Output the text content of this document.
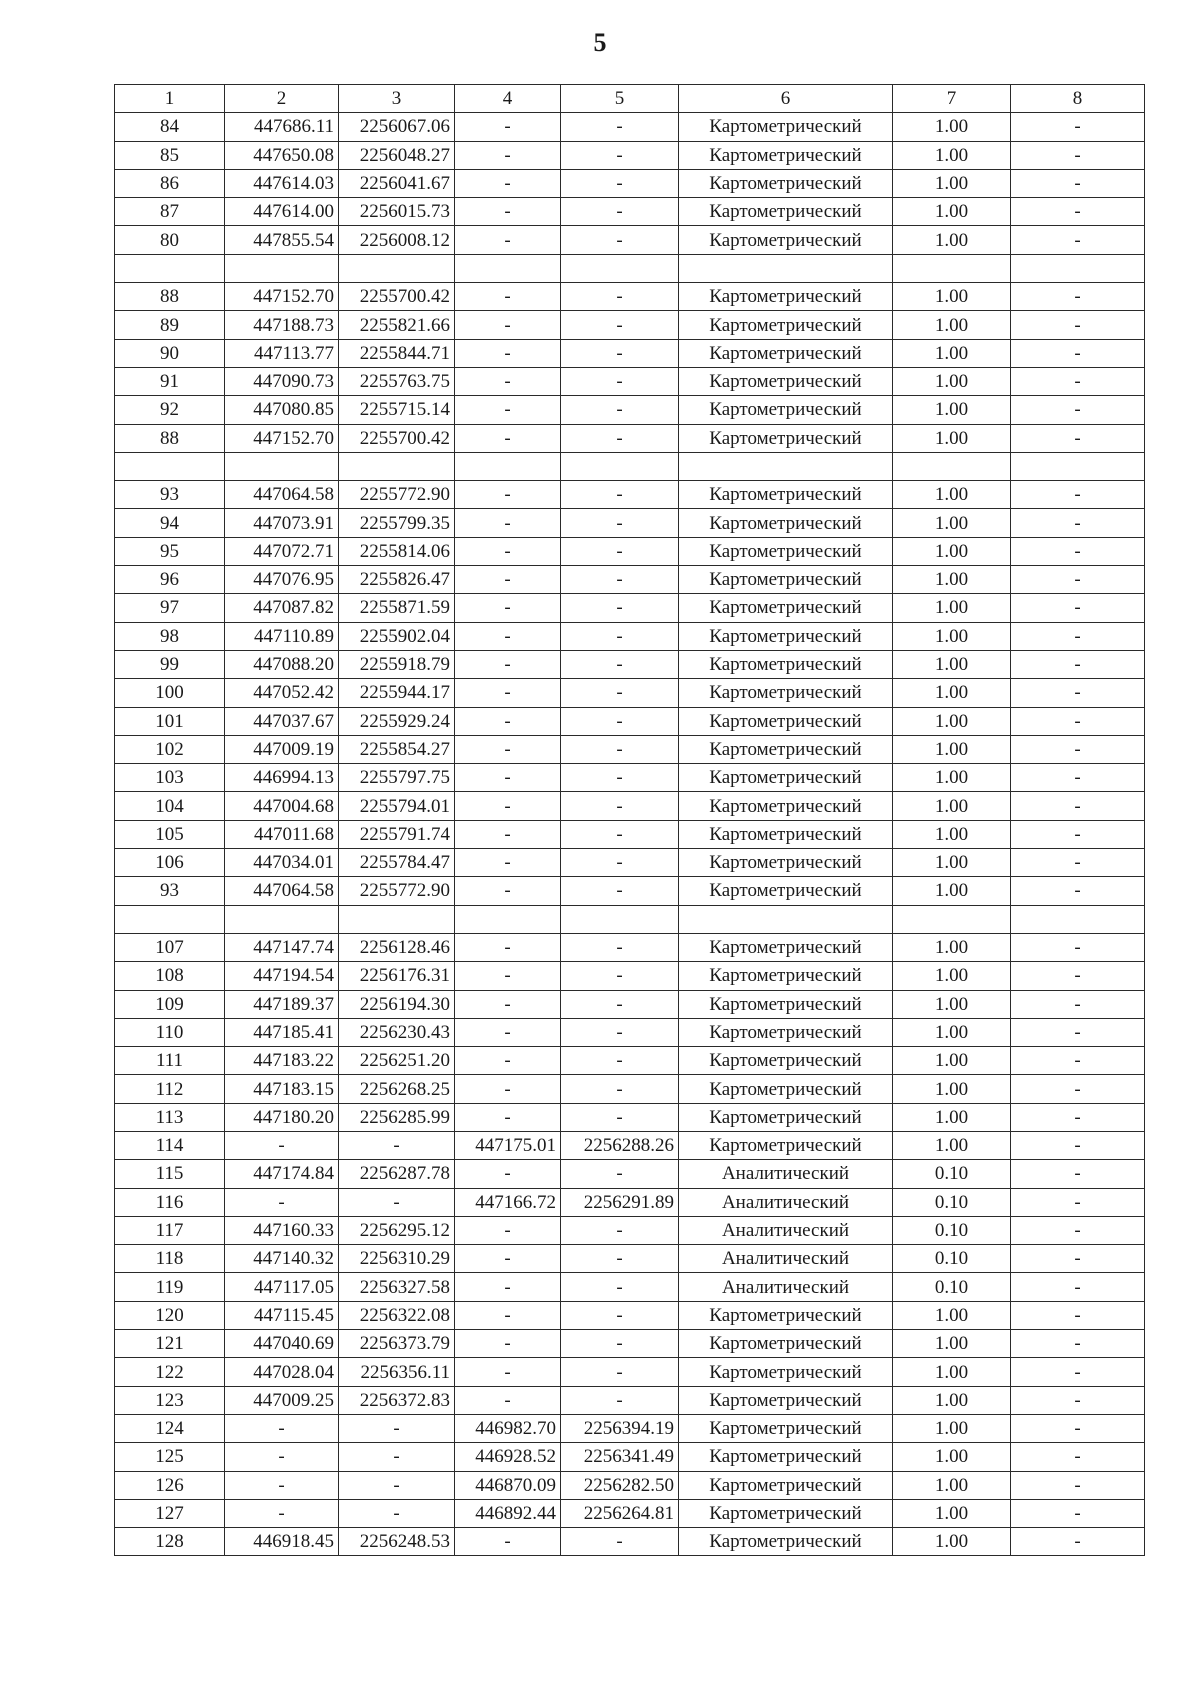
5
1	2	3	4	5	6	7	8
84	447686.11	2256067.06	-	-	Картометрический	1.00	-
85	447650.08	2256048.27	-	-	Картометрический	1.00	-
86	447614.03	2256041.67	-	-	Картометрический	1.00	-
87	447614.00	2256015.73	-	-	Картометрический	1.00	-
80	447855.54	2256008.12	-	-	Картометрический	1.00	-

88	447152.70	2255700.42	-	-	Картометрический	1.00	-
89	447188.73	2255821.66	-	-	Картометрический	1.00	-
90	447113.77	2255844.71	-	-	Картометрический	1.00	-
91	447090.73	2255763.75	-	-	Картометрический	1.00	-
92	447080.85	2255715.14	-	-	Картометрический	1.00	-
88	447152.70	2255700.42	-	-	Картометрический	1.00	-

93	447064.58	2255772.90	-	-	Картометрический	1.00	-
94	447073.91	2255799.35	-	-	Картометрический	1.00	-
95	447072.71	2255814.06	-	-	Картометрический	1.00	-
96	447076.95	2255826.47	-	-	Картометрический	1.00	-
97	447087.82	2255871.59	-	-	Картометрический	1.00	-
98	447110.89	2255902.04	-	-	Картометрический	1.00	-
99	447088.20	2255918.79	-	-	Картометрический	1.00	-
100	447052.42	2255944.17	-	-	Картометрический	1.00	-
101	447037.67	2255929.24	-	-	Картометрический	1.00	-
102	447009.19	2255854.27	-	-	Картометрический	1.00	-
103	446994.13	2255797.75	-	-	Картометрический	1.00	-
104	447004.68	2255794.01	-	-	Картометрический	1.00	-
105	447011.68	2255791.74	-	-	Картометрический	1.00	-
106	447034.01	2255784.47	-	-	Картометрический	1.00	-
93	447064.58	2255772.90	-	-	Картометрический	1.00	-

107	447147.74	2256128.46	-	-	Картометрический	1.00	-
108	447194.54	2256176.31	-	-	Картометрический	1.00	-
109	447189.37	2256194.30	-	-	Картометрический	1.00	-
110	447185.41	2256230.43	-	-	Картометрический	1.00	-
111	447183.22	2256251.20	-	-	Картометрический	1.00	-
112	447183.15	2256268.25	-	-	Картометрический	1.00	-
113	447180.20	2256285.99	-	-	Картометрический	1.00	-
114	-	-	447175.01	2256288.26	Картометрический	1.00	-
115	447174.84	2256287.78	-	-	Аналитический	0.10	-
116	-	-	447166.72	2256291.89	Аналитический	0.10	-
117	447160.33	2256295.12	-	-	Аналитический	0.10	-
118	447140.32	2256310.29	-	-	Аналитический	0.10	-
119	447117.05	2256327.58	-	-	Аналитический	0.10	-
120	447115.45	2256322.08	-	-	Картометрический	1.00	-
121	447040.69	2256373.79	-	-	Картометрический	1.00	-
122	447028.04	2256356.11	-	-	Картометрический	1.00	-
123	447009.25	2256372.83	-	-	Картометрический	1.00	-
124	-	-	446982.70	2256394.19	Картометрический	1.00	-
125	-	-	446928.52	2256341.49	Картометрический	1.00	-
126	-	-	446870.09	2256282.50	Картометрический	1.00	-
127	-	-	446892.44	2256264.81	Картометрический	1.00	-
128	446918.45	2256248.53	-	-	Картометрический	1.00	-
